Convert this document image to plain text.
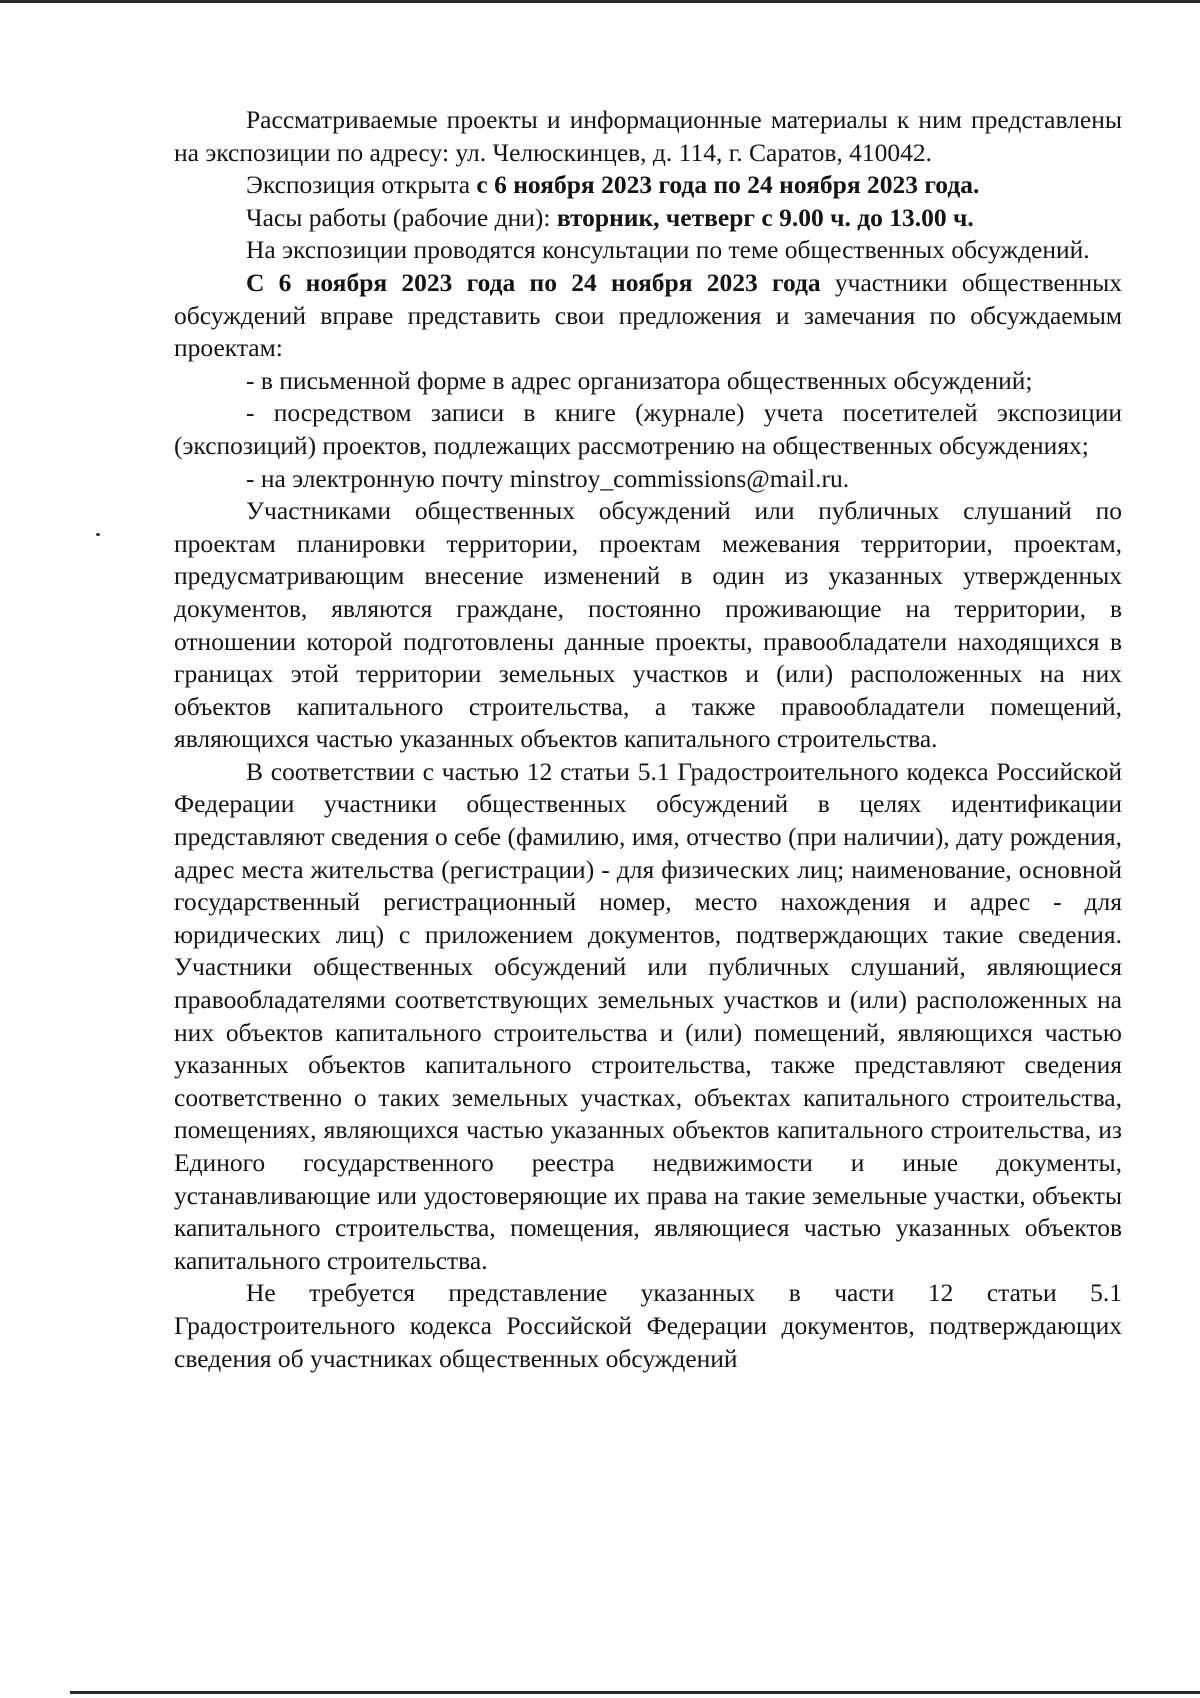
Рассматриваемые проекты и информационные материалы к ним представлены на экспозиции по адресу: ул. Челюскинцев, д. 114, г. Саратов, 410042.

Экспозиция открыта с 6 ноября 2023 года по 24 ноября 2023 года.

Часы работы (рабочие дни): вторник, четверг с 9.00 ч. до 13.00 ч.

На экспозиции проводятся консультации по теме общественных обсуждений.

С 6 ноября 2023 года по 24 ноября 2023 года участники общественных обсуждений вправе представить свои предложения и замечания по обсуждаемым проектам:

- в письменной форме в адрес организатора общественных обсуждений;

- посредством записи в книге (журнале) учета посетителей экспозиции (экспозиций) проектов, подлежащих рассмотрению на общественных обсуждениях;

- на электронную почту minstroy_commissions@mail.ru.

Участниками общественных обсуждений или публичных слушаний по проектам планировки территории, проектам межевания территории, проектам, предусматривающим внесение изменений в один из указанных утвержденных документов, являются граждане, постоянно проживающие на территории, в отношении которой подготовлены данные проекты, правообладатели находящихся в границах этой территории земельных участков и (или) расположенных на них объектов капитального строительства, а также правообладатели помещений, являющихся частью указанных объектов капитального строительства.

В соответствии с частью 12 статьи 5.1 Градостроительного кодекса Российской Федерации участники общественных обсуждений в целях идентификации представляют сведения о себе (фамилию, имя, отчество (при наличии), дату рождения, адрес места жительства (регистрации) - для физических лиц; наименование, основной государственный регистрационный номер, место нахождения и адрес - для юридических лиц) с приложением документов, подтверждающих такие сведения. Участники общественных обсуждений или публичных слушаний, являющиеся правообладателями соответствующих земельных участков и (или) расположенных на них объектов капитального строительства и (или) помещений, являющихся частью указанных объектов капитального строительства, также представляют сведения соответственно о таких земельных участках, объектах капитального строительства, помещениях, являющихся частью указанных объектов капитального строительства, из Единого государственного реестра недвижимости и иные документы, устанавливающие или удостоверяющие их права на такие земельные участки, объекты капитального строительства, помещения, являющиеся частью указанных объектов капитального строительства.

Не требуется представление указанных в части 12 статьи 5.1 Градостроительного кодекса Российской Федерации документов, подтверждающих сведения об участниках общественных обсуждений
